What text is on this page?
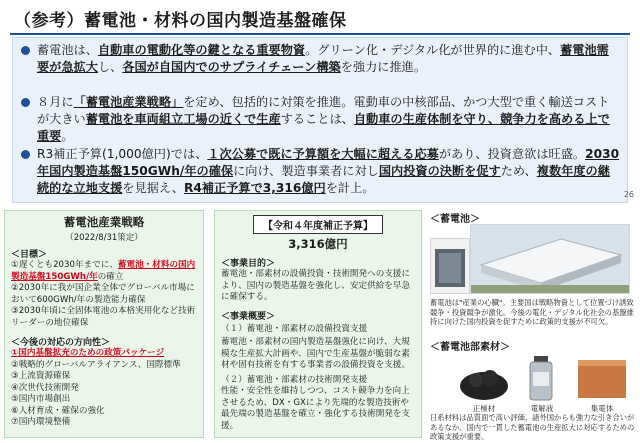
（参考）蓄電池・材料の国内製造基盤確保
蓄電池は、自動車の電動化等の鍵となる重要物資。グリーン化・デジタル化が世界的に進む中、蓄電池需要が急拡大し、各国が自国内でのサプライチェーン構築を強力に推進。
８月に「蓄電池産業戦略」を定め、包括的に対策を推進。電動車の中核部品、かつ大型で重く輸送コストが大きい蓄電池を車両組立工場の近くで生産することは、自動車の生産体制を守り、競争力を高める上で重要。
R3補正予算(1,000億円)では、１次公募で既に予算額を大幅に超える応募があり、投資意欲は旺盛。2030年国内製造基盤150GWh/年の確保に向け、製造事業者に対し国内投資の決断を促すため、複数年度の継続的な立地支援を見据え、R4補正予算で3,316億円を計上。	26
蓄電池産業戦略
（2022/8/31策定）
＜目標＞
①遅くとも2030年までに、蓄電池・材料の国内製造基盤150GWh/年の確立
②2030年に我が国企業全体でグローバル市場において600GWh/年の製造能力確保
③2030年頃に全固体電池の本格実用化など技術リーダーの地位確保
＜今後の対応の方向性＞
①国内基盤拡充のための政策パッケージ
②戦略的グローバルアライアンス、国際標準
③上流資源確保
④次世代技術開発
⑤国内市場創出
⑥人材育成・確保の強化
⑦国内環境整備
【令和４年度補正予算】
3,316億円
＜事業目的＞
蓄電池・部素材の設備投資・技術開発への支援により、国内の製造基盤を強化し、安定供給を早急に確保する。
＜事業概要＞
（１）蓄電池・部素材の設備投資支援
蓄電池・部素材の国内製造基盤強化に向け、大規模な生産拡大計画や、国内で生産基盤が脆弱な素材や固有技術を有する事業者の設備投資を支援。
（２）蓄電池・部素材の技術開発支援
性能・安全性を維持しつつ、コスト競争力を向上させるため、DX・GXにより先端的な製造技術や最先端の製造基盤を確立・強化する技術開発を支援。
＜蓄電池＞
蓄電池は"産業の心臓"。主要国は戦略物資として位置づけ誘致競争・投資競争が激化。今後の電化・デジタル化社会の基盤維持に向けた国内投資を促すために政策的支援が不可欠。
＜蓄電池部素材＞
正極材	電解液	集電体
日系材料は品質面で高い評価、諸外国からも強力な引き合いがあるなか、国内で一貫した蓄電池の生産拡大に対応するための政策支援が重要。
